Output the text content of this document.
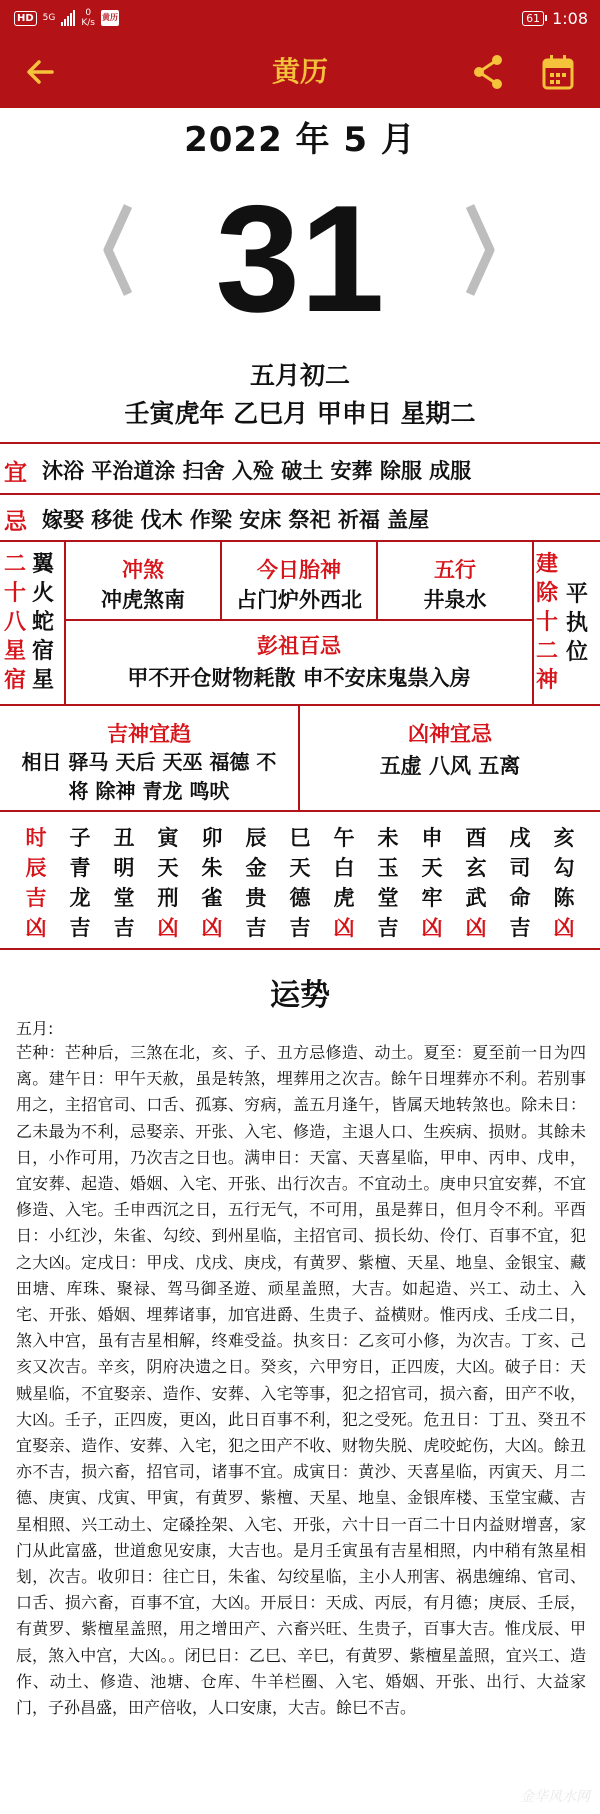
HD	5G	0
K/s
黄历	61 1:08
黄历
2022 年 5 月
31
五月初二
壬寅虎年 乙巳月 甲申日 星期二
宜 沐浴 平治道涂 扫舍 入殓 破土 安葬 除服 成服
忌 嫁娶 移徙 伐木 作梁 安床 祭祀 祈福 盖屋
二
十
八
星
宿
翼
火
蛇
宿
星
冲煞
冲虎煞南
今日胎神
占门炉外西北
五行
井泉水
彭祖百忌
甲不开仓财物耗散 申不安床鬼祟入房
建
除
十
二
神
平
执
位
吉神宜趋
相日 驿马 天后 天巫 福德 不
将 除神 青龙 鸣吠
凶神宜忌
五虚 八风 五离
时	子	丑	寅	卯	辰	巳	午	未	申	酉	戌	亥
辰	青	明	天	朱	金	天	白	玉	天	玄	司	勾
吉	龙	堂	刑	雀	贵	德	虎	堂	牢	武	命	陈
凶	吉	吉	凶	凶	吉	吉	凶	吉	凶	凶	吉	凶
运势
五月:
芒种：芒种后，三煞在北，亥、子、丑方忌修造、动土。夏至：夏至前一日为四离。建午日：甲午天赦，虽是转煞，埋葬用之次吉。餘午日埋葬亦不利。若别事用之，主招官司、口舌、孤寡、穷病，盖五月逢午，皆属天地转煞也。除未日：乙未最为不利，忌娶亲、开张、入宅、修造，主退人口、生疾病、损财。其餘未日，小作可用，乃次吉之日也。满申日：天富、天喜星临，甲申、丙申、戊申，宜安葬、起造、婚姻、入宅、开张、出行次吉。不宜动土。庚申只宜安葬，不宜修造、入宅。壬申西沉之日，五行无气，不可用，虽是葬日，但月令不利。平酉日：小红沙，朱雀、勾绞、到州星临，主招官司、损长幼、伶仃、百事不宜，犯之大凶。定戌日：甲戌、戊戌、庚戌，有黄罗、紫檀、天星、地皇、金银宝、藏田塘、库珠、聚禄、驾马御圣遊、顽星盖照，大吉。如起造、兴工、动土、入宅、开张、婚姻、埋葬诸事，加官进爵、生贵子、益横财。惟丙戌、壬戌二日，煞入中宫，虽有吉星相解，终难受益。执亥日：乙亥可小修，为次吉。丁亥、己亥又次吉。辛亥，阴府决遗之日。癸亥，六甲穷日，正四废，大凶。破子日：天贼星临，不宜娶亲、造作、安葬、入宅等事，犯之招官司，损六畜，田产不收，大凶。壬子，正四废，更凶，此日百事不利，犯之受死。危丑日：丁丑、癸丑不宜娶亲、造作、安葬、入宅，犯之田产不收、财物失脱、虎咬蛇伤，大凶。餘丑亦不吉，损六畜，招官司，诸事不宜。成寅日：黄沙、天喜星临，丙寅天、月二德、庚寅、戊寅、甲寅，有黄罗、紫檀、天星、地皇、金银库楼、玉堂宝藏、吉星相照、兴工动土、定磉拴架、入宅、开张，六十日一百二十日内益财增喜，家门从此富盛，世道愈见安康，大吉也。是月壬寅虽有吉星相照，内中稍有煞星相刬，次吉。收卯日：往亡日，朱雀、勾绞星临，主小人刑害、祸患缠绵、官司、口舌、损六畜，百事不宜，大凶。开辰日：天成、丙辰，有月德；庚辰、壬辰，有黄罗、紫檀星盖照，用之增田产、六畜兴旺、生贵子，百事大吉。惟戊辰、甲辰，煞入中宫，大凶。。闭巳日：乙巳、辛巳，有黄罗、紫檀星盖照，宜兴工、造作、动土、修造、池塘、仓库、牛羊栏圈、入宅、婚姻、开张、出行、大益家门，子孙昌盛，田产倍收，人口安康，大吉。餘巳不吉。
金华风水网
